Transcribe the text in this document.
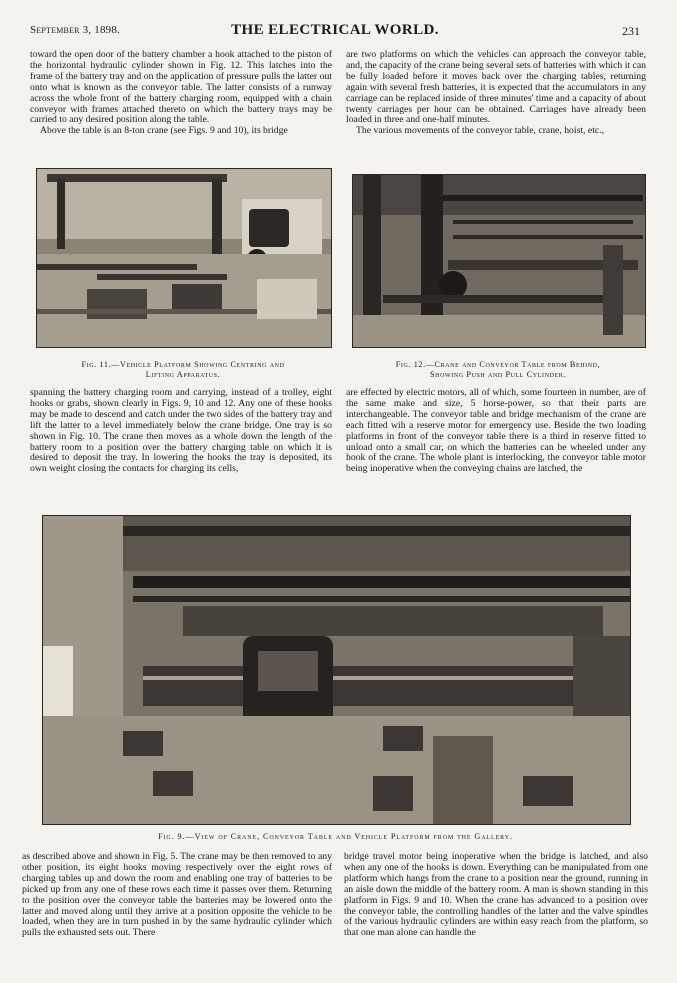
September 3, 1898.	THE ELECTRICAL WORLD.	231

toward the open door of the battery chamber a hook attached to the piston of the horizontal hydraulic cylinder shown in Fig. 12. This latches into the frame of the battery tray and on the application of pressure pulls the latter out onto what is known as the conveyor table. The latter consists of a runway across the whole front of the battery charging room, equipped with a chain conveyor with frames attached thereto on which the battery trays may be carried to any desired position along the table.

Above the table is an 8-ton crane (see Figs. 9 and 10), its bridge

are two platforms on which the vehicles can approach the conveyor table, and, the capacity of the crane being several sets of batteries with which it can be fully loaded before it moves back over the charging tables, returning again with several fresh batteries, it is expected that the accumulators in any carriage can be replaced inside of three minutes' time and a capacity of about twenty carriages per hour can be obtained. Carriages have already been loaded in three and one-half minutes.

The various movements of the conveyor table, crane, hoist, etc.,

Fig. 11.—Vehicle Platform Showing Centring and
Lifting Apparatus.
Fig. 12.—Crane and Conveyor Table from Behind,
Showing Push and Pull Cylinder.

spanning the battery charging room and carrying, instead of a trolley, eight hooks or grabs, shown clearly in Figs. 9, 10 and 12. Any one of these hooks may be made to descend and catch under the two sides of the battery tray and lift the latter to a level immediately below the crane bridge. One tray is so shown in Fig. 10. The crane then moves as a whole down the length of the battery room to a position over the battery charging table on which it is desired to deposit the tray. In lowering the hooks the tray is deposited, its own weight closing the contacts for charging its cells,

are effected by electric motors, all of which, some fourteen in number, are of the same make and size, 5 horse-power, so that their parts are interchangeable. The conveyor table and bridge mechanism of the crane are each fitted wih a reserve motor for emergency use. Beside the two loading platforms in front of the conveyor table there is a third in reserve fitted to unload onto a small car, on which the batteries can be wheeled under any hook of the crane. The whole plant is interlocking, the conveyor table motor being inoperative when the conveying chains are latched, the

Fig. 9.—View of Crane, Conveyor Table and Vehicle Platform from the Gallery.

as described above and shown in Fig. 5. The crane may be then removed to any other position, its eight hooks moving respectively over the eight rows of charging tables up and down the room and enabling one tray of batteries to be picked up from any one of these rows each time it passes over them. Returning to the position over the conveyor table the batteries may be lowered onto the latter and moved along until they arrive at a position opposite the vehicle to be loaded, when they are in turn pushed in by the same hydraulic cylinder which pulls the exhausted sets out. There

bridge travel motor being inoperative when the bridge is latched, and also when any one of the hooks is down. Everything can be manipulated from one platform which hangs from the crane to a position near the ground, running in an aisle down the middle of the battery room. A man is shown standing in this platform in Figs. 9 and 10. When the crane has advanced to a position over the conveyor table, the controlling handles of the latter and the valve spindles of the various hydraulic cylinders are within easy reach from the platform, so that one man alone can handle the
